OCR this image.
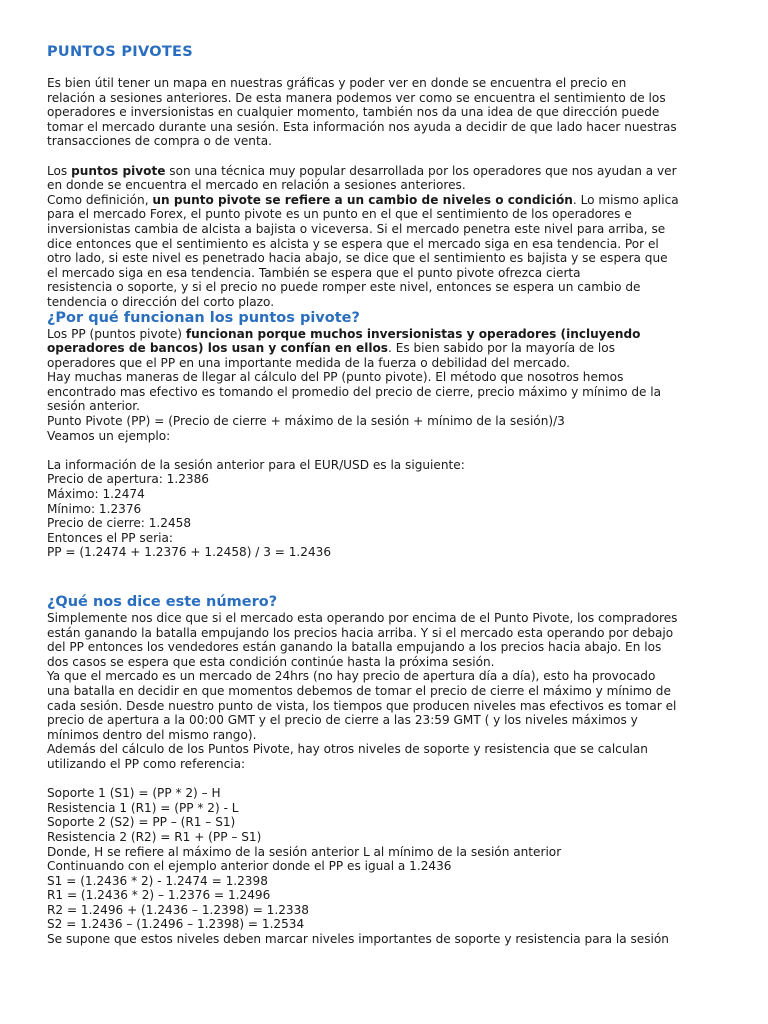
PUNTOS PIVOTES

Es bien útil tener un mapa en nuestras gráficas y poder ver en donde se encuentra el precio en

relación a sesiones anteriores. De esta manera podemos ver como se encuentra el sentimiento de los

operadores e inversionistas en cualquier momento, también nos da una idea de que dirección puede

tomar el mercado durante una sesión. Esta información nos ayuda a decidir de que lado hacer nuestras

transacciones de compra o de venta.

Los puntos pivote son una técnica muy popular desarrollada por los operadores que nos ayudan a ver

en donde se encuentra el mercado en relación a sesiones anteriores.

Como definición, un punto pivote se refiere a un cambio de niveles o condición. Lo mismo aplica

para el mercado Forex, el punto pivote es un punto en el que el sentimiento de los operadores e

inversionistas cambia de alcista a bajista o viceversa. Si el mercado penetra este nivel para arriba, se

dice entonces que el sentimiento es alcista y se espera que el mercado siga en esa tendencia. Por el

otro lado, si este nivel es penetrado hacia abajo, se dice que el sentimiento es bajista y se espera que

el mercado siga en esa tendencia. También se espera que el punto pivote ofrezca cierta

resistencia o soporte, y si el precio no puede romper este nivel, entonces se espera un cambio de

tendencia o dirección del corto plazo.

¿Por qué funcionan los puntos pivote?

Los PP (puntos pivote) funcionan porque muchos inversionistas y operadores (incluyendo

operadores de bancos) los usan y confían en ellos. Es bien sabido por la mayoría de los

operadores que el PP en una importante medida de la fuerza o debilidad del mercado.

Hay muchas maneras de llegar al cálculo del PP (punto pivote). El método que nosotros hemos

encontrado mas efectivo es tomando el promedio del precio de cierre, precio máximo y mínimo de la

sesión anterior.

Punto Pivote (PP) = (Precio de cierre + máximo de la sesión + mínimo de la sesión)/3

Veamos un ejemplo:

La información de la sesión anterior para el EUR/USD es la siguiente:

Precio de apertura: 1.2386

Máximo: 1.2474

Mínimo: 1.2376

Precio de cierre: 1.2458

Entonces el PP seria:

PP = (1.2474 + 1.2376 + 1.2458) / 3 = 1.2436

¿Qué nos dice este número?

Simplemente nos dice que si el mercado esta operando por encima de el Punto Pivote, los compradores

están ganando la batalla empujando los precios hacia arriba. Y si el mercado esta operando por debajo

del PP entonces los vendedores están ganando la batalla empujando a los precios hacia abajo. En los

dos casos se espera que esta condición continúe hasta la próxima sesión.

Ya que el mercado es un mercado de 24hrs (no hay precio de apertura día a día), esto ha provocado

una batalla en decidir en que momentos debemos de tomar el precio de cierre el máximo y mínimo de

cada sesión. Desde nuestro punto de vista, los tiempos que producen niveles mas efectivos es tomar el

precio de apertura a la 00:00 GMT y el precio de cierre a las 23:59 GMT ( y los niveles máximos y

mínimos dentro del mismo rango).

Además del cálculo de los Puntos Pivote, hay otros niveles de soporte y resistencia que se calculan

utilizando el PP como referencia:

Soporte 1 (S1) = (PP * 2) – H

Resistencia 1 (R1) = (PP * 2) - L

Soporte 2 (S2) = PP – (R1 – S1)

Resistencia 2 (R2) = R1 + (PP – S1)

Donde, H se refiere al máximo de la sesión anterior L al mínimo de la sesión anterior

Continuando con el ejemplo anterior donde el PP es igual a 1.2436

S1 = (1.2436 * 2) - 1.2474 = 1.2398

R1 = (1.2436 * 2) – 1.2376 = 1.2496

R2 = 1.2496 + (1.2436 – 1.2398) = 1.2338

S2 = 1.2436 – (1.2496 – 1.2398) = 1.2534

Se supone que estos niveles deben marcar niveles importantes de soporte y resistencia para la sesión
